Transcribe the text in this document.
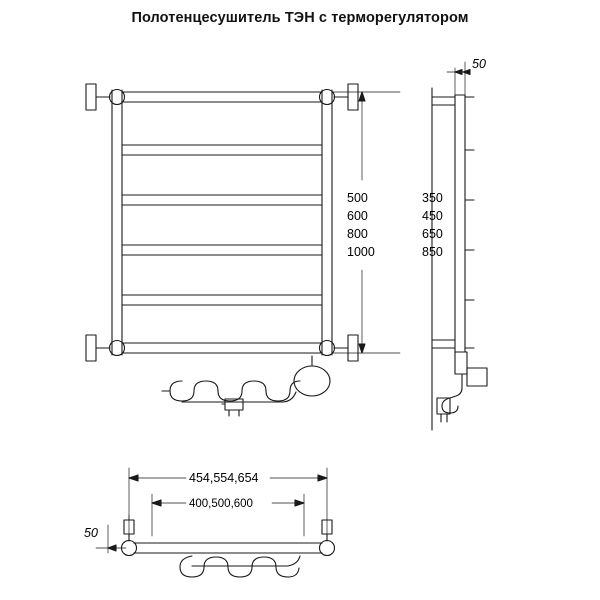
Полотенцесушитель ТЭН с терморегулятором
500
600
800
1000
50
350
450
650
850
454,554,654
400,500,600
50
